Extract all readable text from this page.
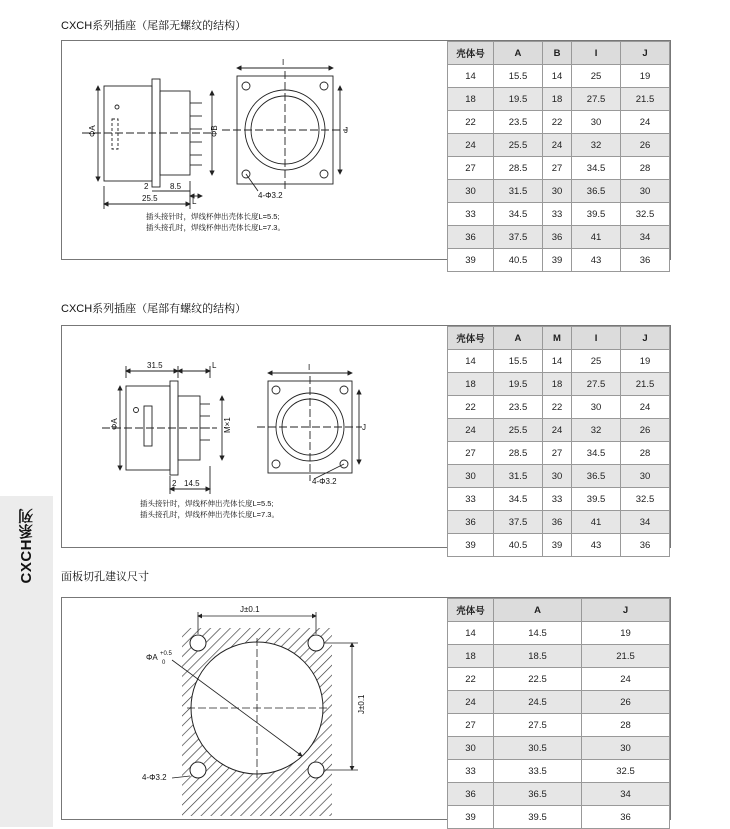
CXCH系列
CXCH系列插座（尾部无螺纹的结构）
ΦA	ΦB
2	8.5
25.5	L
I
J
4-Φ3.2
插头接针时，焊线杯伸出壳体长度L=5.5;
插头接孔时，焊线杯伸出壳体长度L=7.3。
壳体号	A	B	I	J
14	15.5	14	25	19
18	19.5	18	27.5	21.5
22	23.5	22	30	24
24	25.5	24	32	26
27	28.5	27	34.5	28
30	31.5	30	36.5	30
33	34.5	33	39.5	32.5
36	37.5	36	41	34
39	40.5	39	43	36
CXCH系列插座（尾部有螺纹的结构）
ΦA
31.5	L
M×1
2 14.5
I
J
4-Φ3.2
插头接针时，焊线杯伸出壳体长度L=5.5;
插头接孔时，焊线杯伸出壳体长度L=7.3。
壳体号	A	M	I	J
14	15.5	14	25	19
18	19.5	18	27.5	21.5
22	23.5	22	30	24
24	25.5	24	32	26
27	28.5	27	34.5	28
30	31.5	30	36.5	30
33	34.5	33	39.5	32.5
36	37.5	36	41	34
39	40.5	39	43	36
面板切孔建议尺寸
J±0.1
J±0.1
ΦA +0.5
0
4-Φ3.2
壳体号	A	J
14	14.5	19
18	18.5	21.5
22	22.5	24
24	24.5	26
27	27.5	28
30	30.5	30
33	33.5	32.5
36	36.5	34
39	39.5	36
